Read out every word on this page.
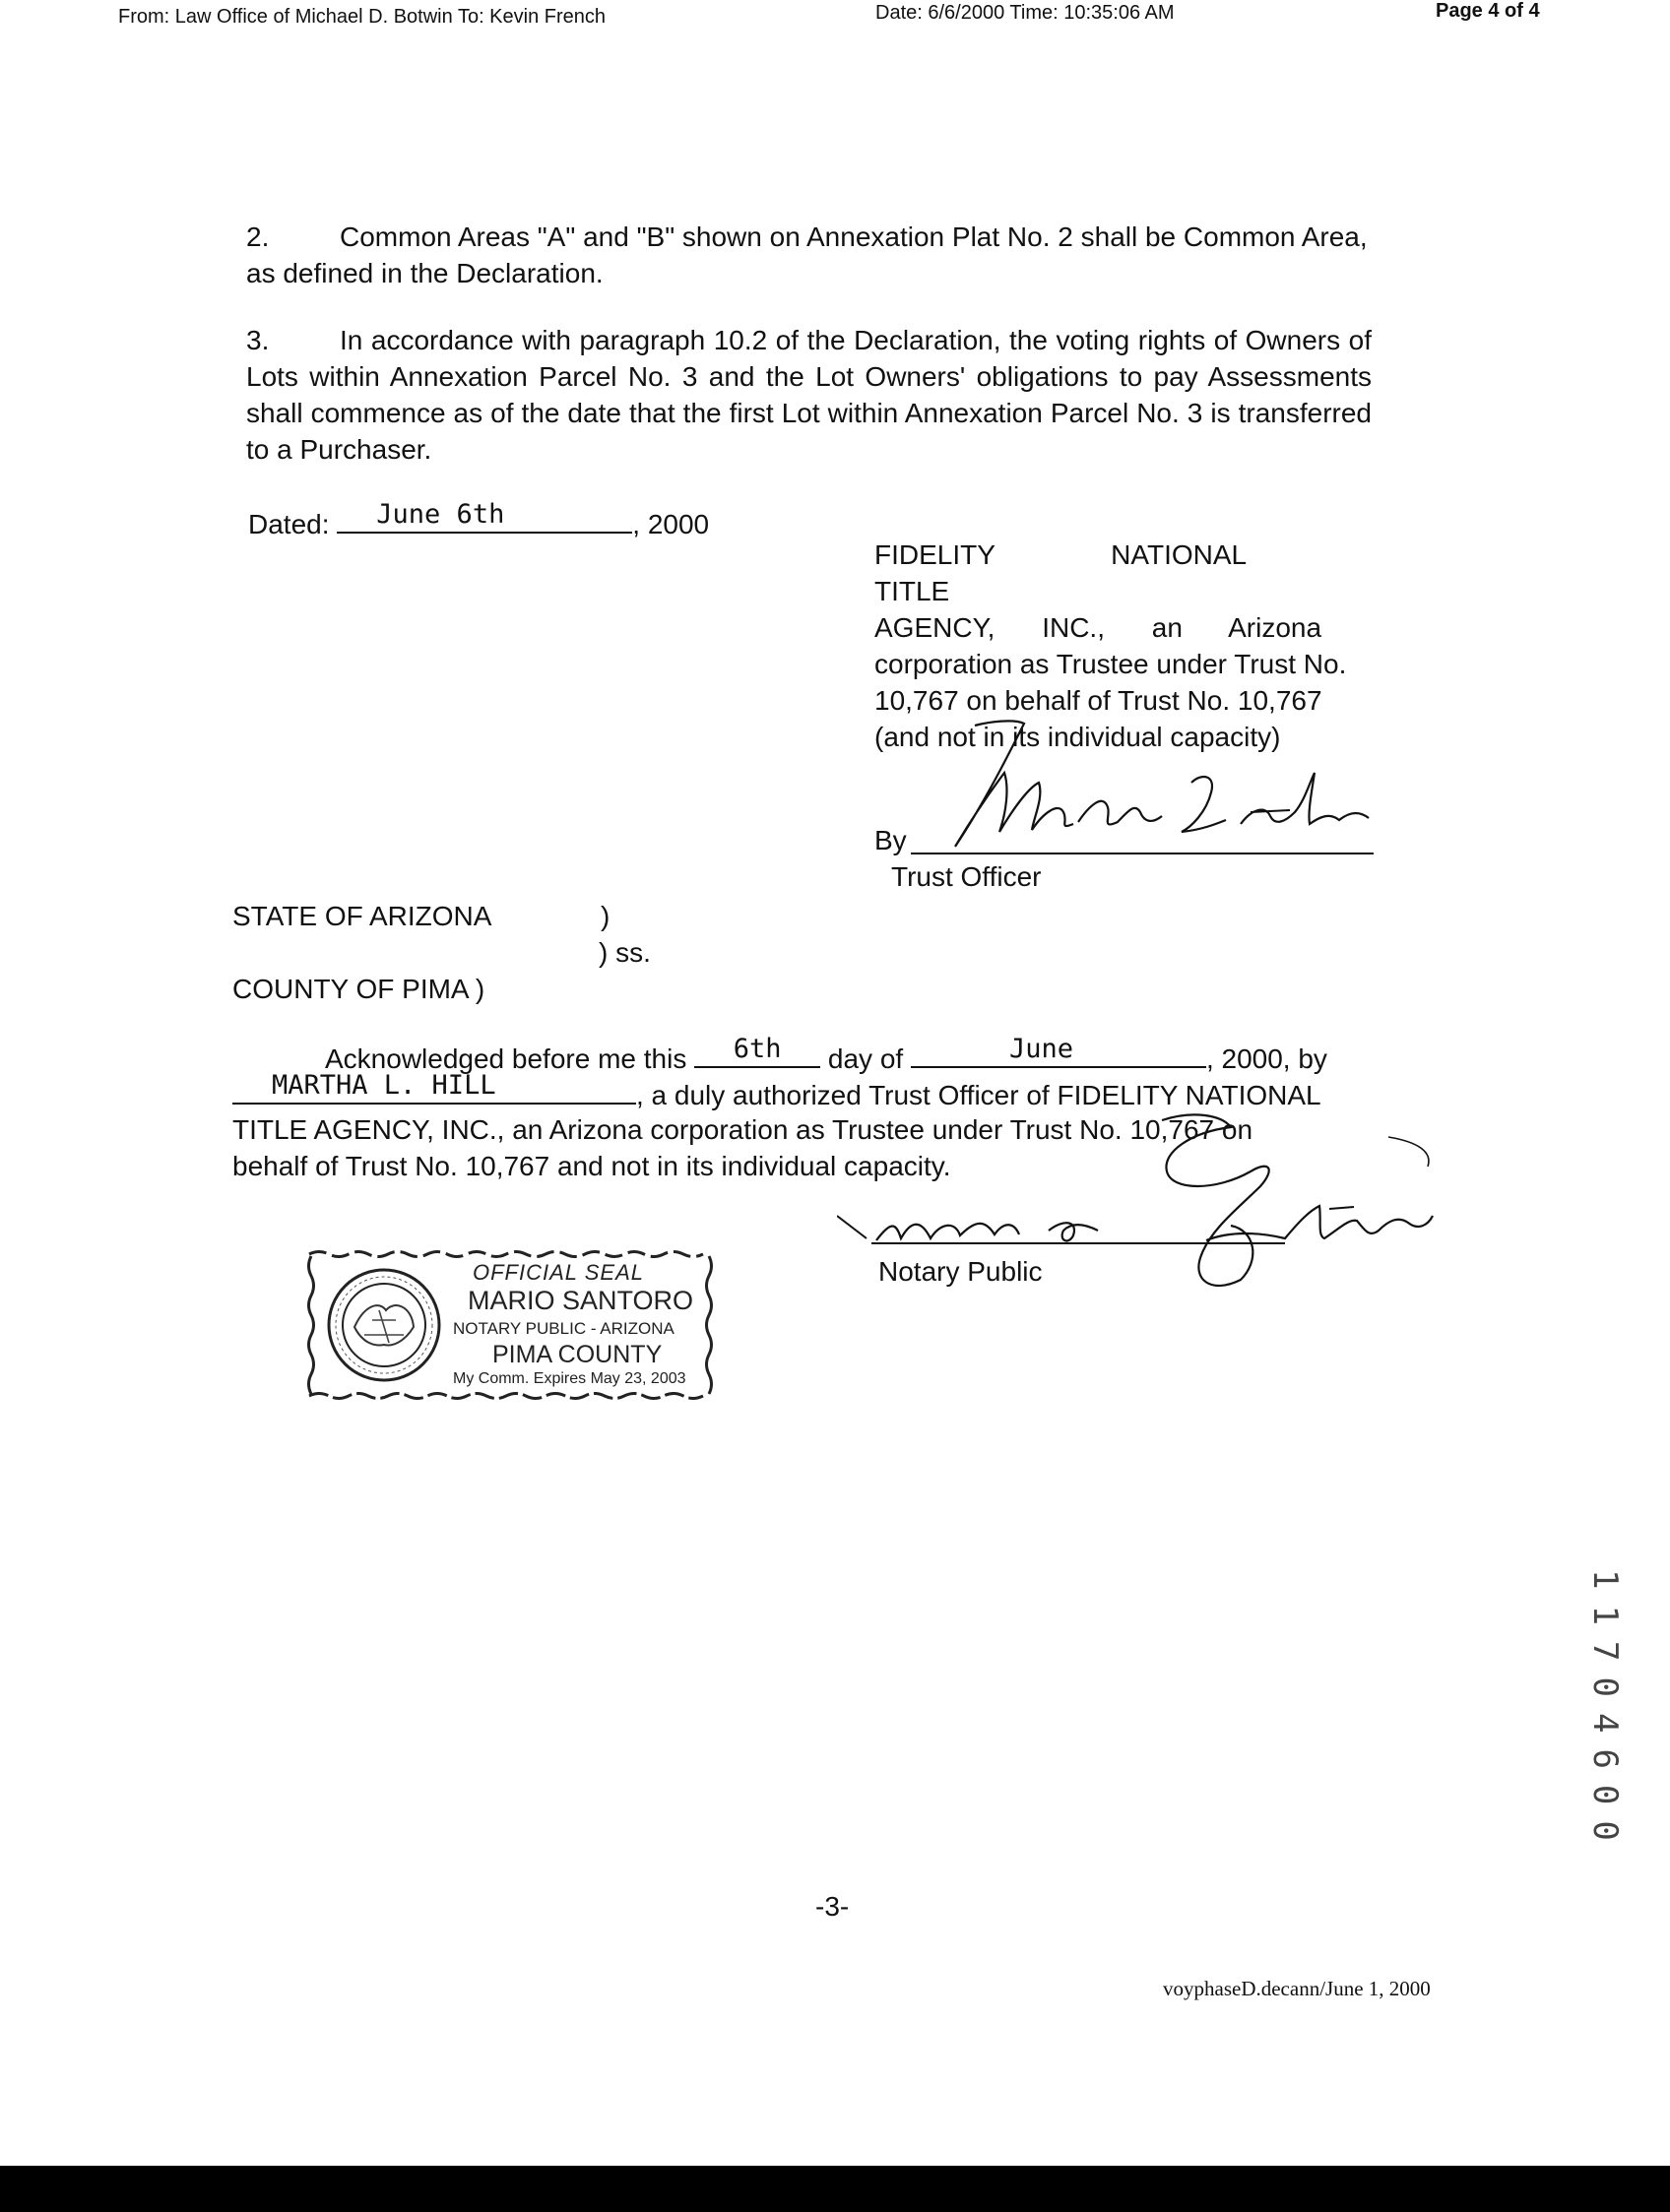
From: Law Office of Michael D. Botwin To: Kevin French	Date: 6/6/2000 Time: 10:35:06 AM	Page 4 of 4
2.	Common Areas "A" and "B" shown on Annexation Plat No. 2 shall be Common Area, as defined in the Declaration.
3.	In accordance with paragraph 10.2 of the Declaration, the voting rights of Owners of Lots within Annexation Parcel No. 3 and the Lot Owners' obligations to pay Assessments shall commence as of the date that the first Lot within Annexation Parcel No. 3 is transferred to a Purchaser.
Dated: June 6th	, 2000
FIDELITY NATIONAL TITLE
AGENCY, INC., an Arizona
corporation as Trustee under Trust No.
10,767 on behalf of Trust No. 10,767
(and not in its individual capacity)
By
Trust Officer
STATE OF ARIZONA	)
) ss.
COUNTY OF PIMA )
Acknowledged before me this	6th	day of	June	, 2000, by
MARTHA L. HILL	, a duly authorized Trust Officer of FIDELITY NATIONAL
TITLE AGENCY, INC., an Arizona corporation as Trustee under Trust No. 10,767 on
behalf of Trust No. 10,767 and not in its individual capacity.
Notary Public
OFFICIAL SEAL
MARIO SANTORO
NOTARY PUBLIC - ARIZONA
PIMA COUNTY
My Comm. Expires May 23, 2003
11704600
-3-
voyphaseD.decann/June 1, 2000
